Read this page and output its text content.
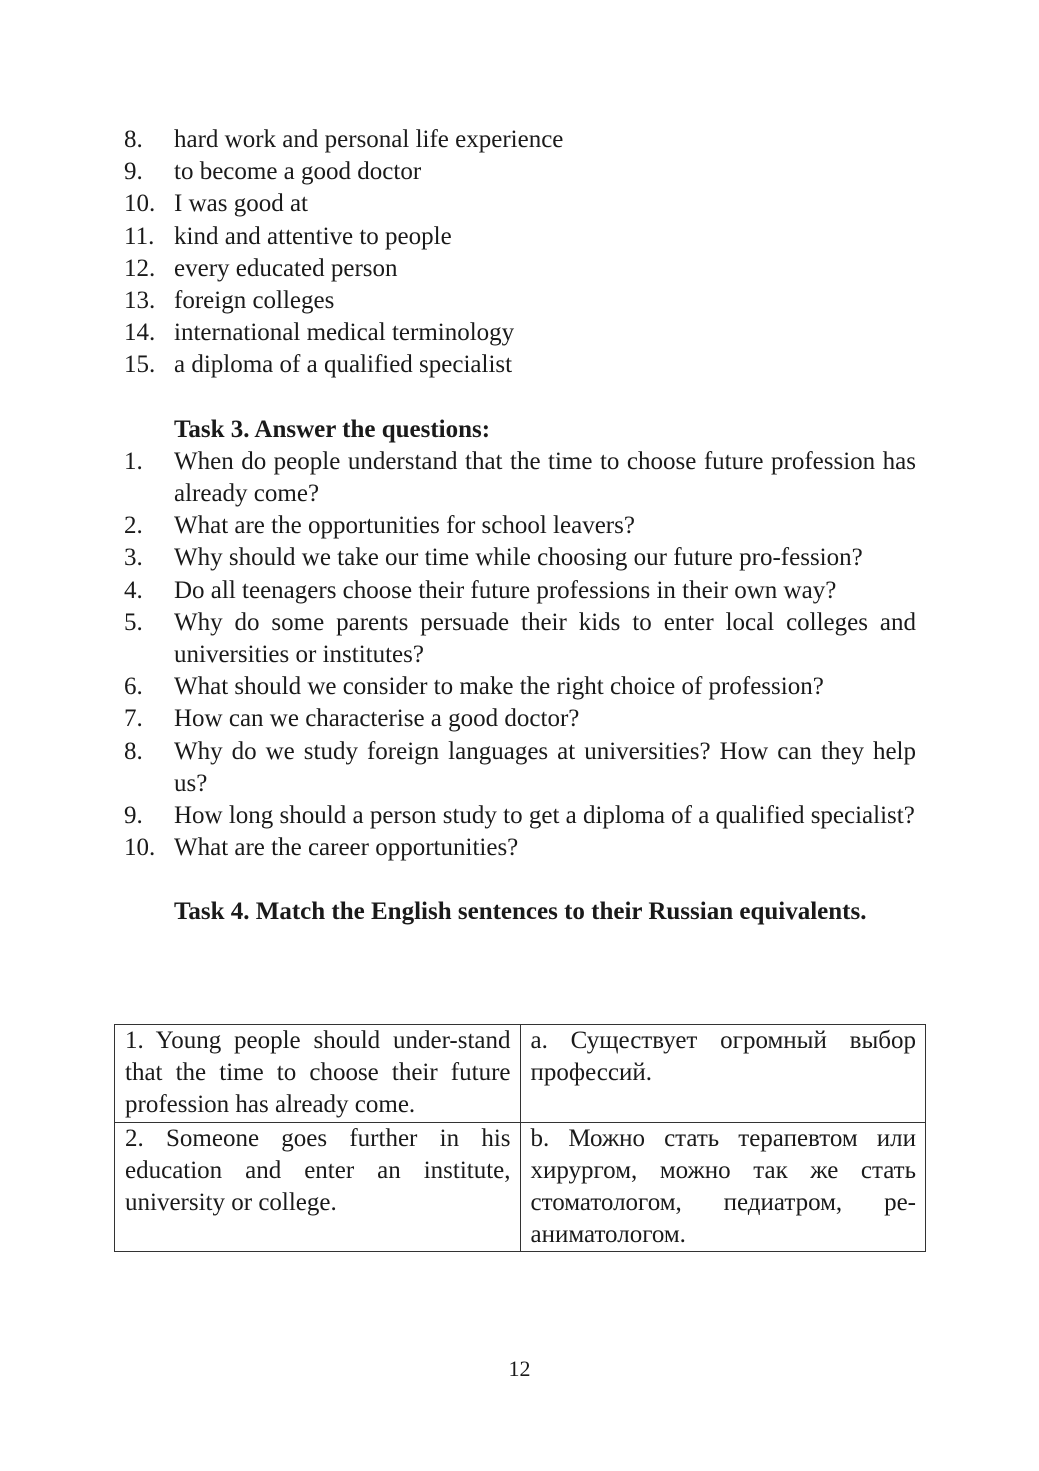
8. hard work and personal life experience
9. to become a good doctor
10. I was good at
11. kind and attentive to people
12. every educated person
13. foreign colleges
14. international medical terminology
15. a diploma of a qualified specialist

Task 3. Answer the questions:

1. When do people understand that the time to choose future profession has already come?
2. What are the opportunities for school leavers?
3. Why should we take our time while choosing our future pro-fession?
4. Do all teenagers choose their future professions in their own way?
5. Why do some parents persuade their kids to enter local colleges and universities or institutes?
6. What should we consider to make the right choice of profession?
7. How can we characterise a good doctor?
8. Why do we study foreign languages at universities? How can they help us?
9. How long should a person study to get a diploma of a qualified specialist?
10. What are the career opportunities?

Task 4. Match the English sentences to their Russian equivalents.

1. Young people should under-stand that the time to choose their future profession has already come.	a. Существует огромный выбор профессий.
2. Someone goes further in his education and enter an institute, university or college.	b. Можно стать терапевтом или хирургом, можно так же стать стоматологом, педиатром, ре-аниматологом.
12
